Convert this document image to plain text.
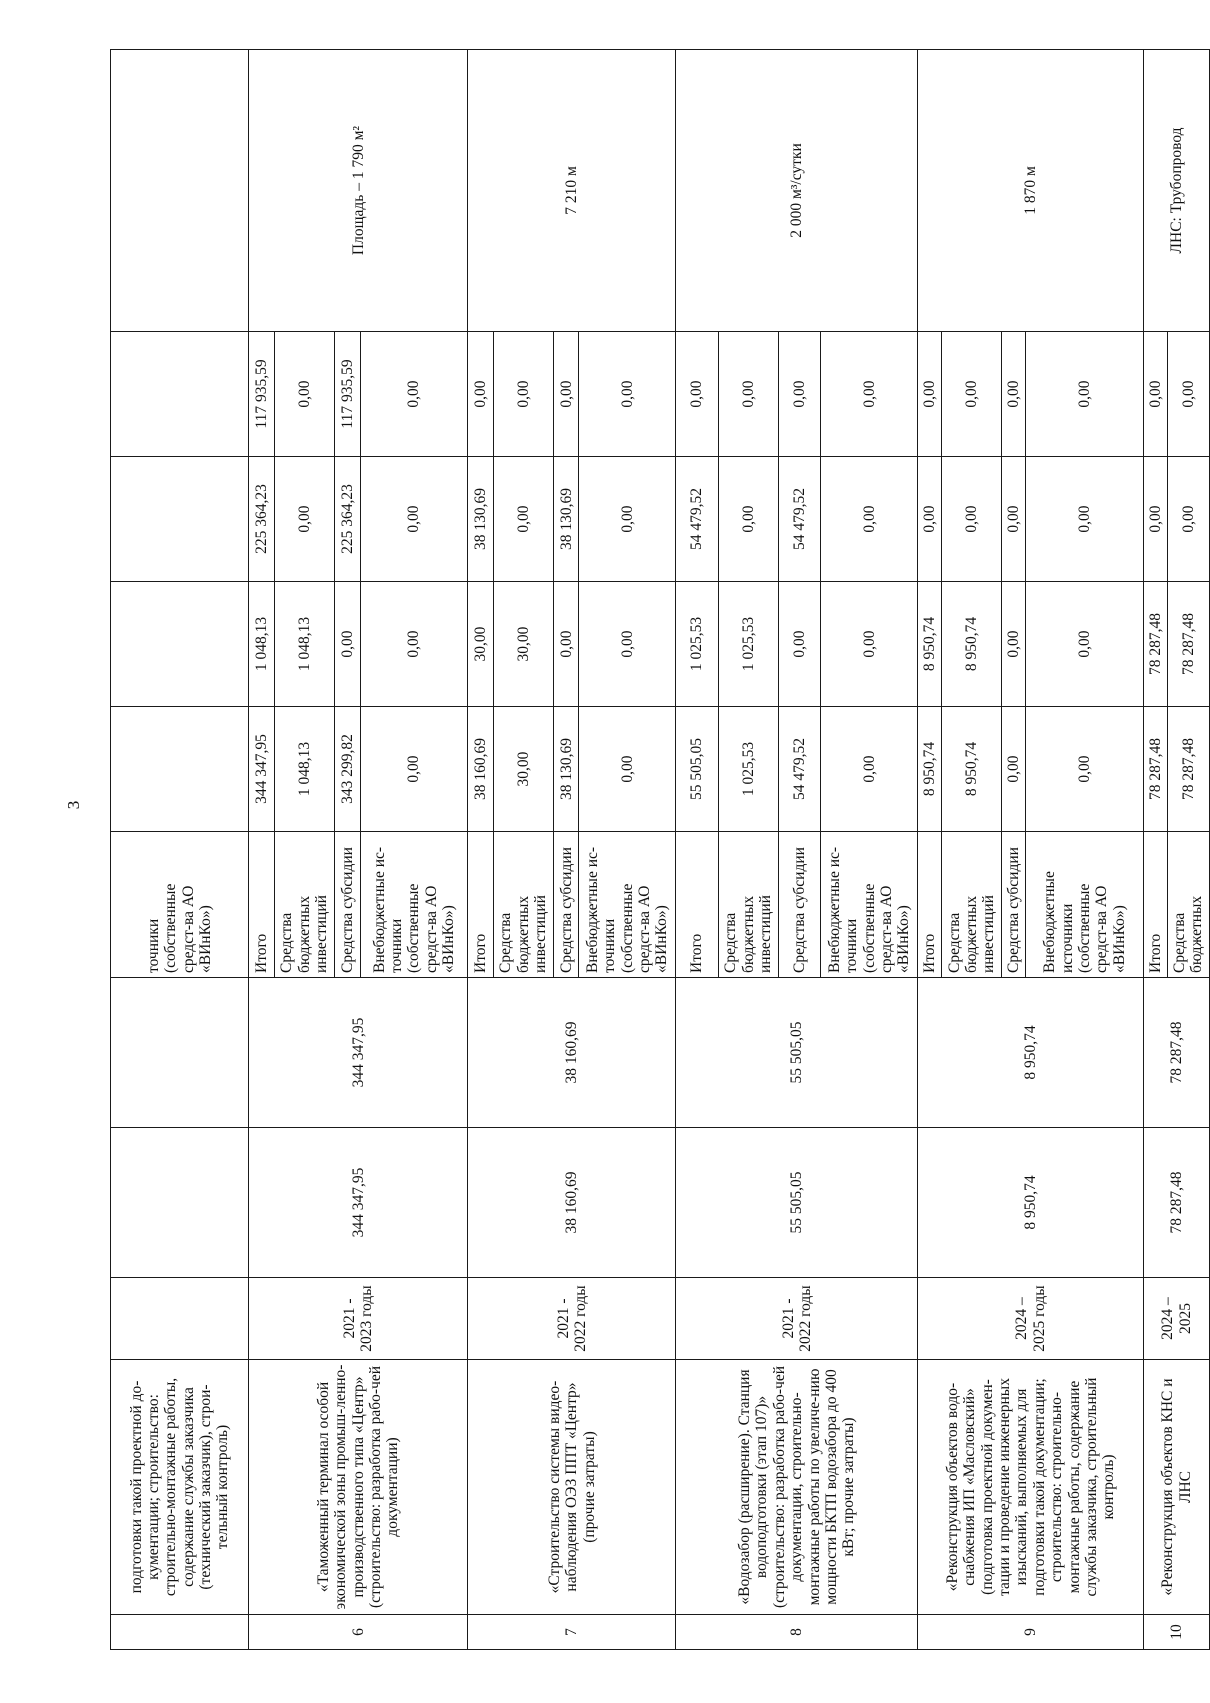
3
	подготовки такой проектной до-кументации; строительство: строительно-монтажные работы, содержание службы заказчика (технический заказчик), строи-тельный контроль)				точники (собственные средст-ва АО «ВИнКо»)					
6	«Таможенный терминал особой экономической зоны промыш-ленно-производственного типа «Центр» (строительство: разработка рабо-чей документации)	2021 - 2023 годы	344 347,95	344 347,95	Итого	344 347,95	1 048,13	225 364,23	117 935,59	Площадь – 1 790 м²
					Средства бюджетных инвестиций	1 048,13	1 048,13	0,00	0,00	
					Средства субсидии	343 299,82	0,00	225 364,23	117 935,59	
					Внебюджетные ис-точники (собственные средст-ва АО «ВИнКо»)	0,00	0,00	0,00	0,00	
7	«Строительство системы видео-наблюдения ОЭЗ ППТ «Центр» (прочие затраты)	2021 - 2022 годы	38 160,69	38 160,69	Итого	38 160,69	30,00	38 130,69	0,00	7 210 м
					Средства бюджетных инвестиций	30,00	30,00	0,00	0,00	
					Средства субсидии	38 130,69	0,00	38 130,69	0,00	
					Внебюджетные ис-точники (собственные средст-ва АО «ВИнКо»)	0,00	0,00	0,00	0,00	
8	«Водозабор (расширение). Станция водоподготовки (этап 107)» (строительство: разработка рабо-чей документации, строительно-монтажные работы по увеличе-нию мощности БКТП водозабора до 400 кВт; прочие затраты)	2021 - 2022 годы	55 505,05	55 505,05	Итого	55 505,05	1 025,53	54 479,52	0,00	2 000 м³/сутки
					Средства бюджетных инвестиций	1 025,53	1 025,53	0,00	0,00	
					Средства субсидии	54 479,52	0,00	54 479,52	0,00	
					Внебюджетные ис-точники (собственные средст-ва АО «ВИнКо»)	0,00	0,00	0,00	0,00	
9	«Реконструкция объектов водо-снабжения ИП «Масловский» (подготовка проектной докумен-тации и проведение инженерных изысканий, выполняемых для подготовки такой документации; строительство: строительно-монтажные работы, содержание службы заказчика, строительный контроль)	2024 – 2025 годы	8 950,74	8 950,74	Итого	8 950,74	8 950,74	0,00	0,00	1 870 м
					Средства бюджетных инвестиций	8 950,74	8 950,74	0,00	0,00	
					Средства субсидии	0,00	0,00	0,00	0,00	
					Внебюджетные источники (собственные средст-ва АО «ВИнКо»)	0,00	0,00	0,00	0,00	
10	«Реконструкция объектов КНС и ЛНС	2024 – 2025	78 287,48	78 287,48	Итого	78 287,48	78 287,48	0,00	0,00	ЛНС: Трубопровод
					Средства бюджетных	78 287,48	78 287,48	0,00	0,00	
